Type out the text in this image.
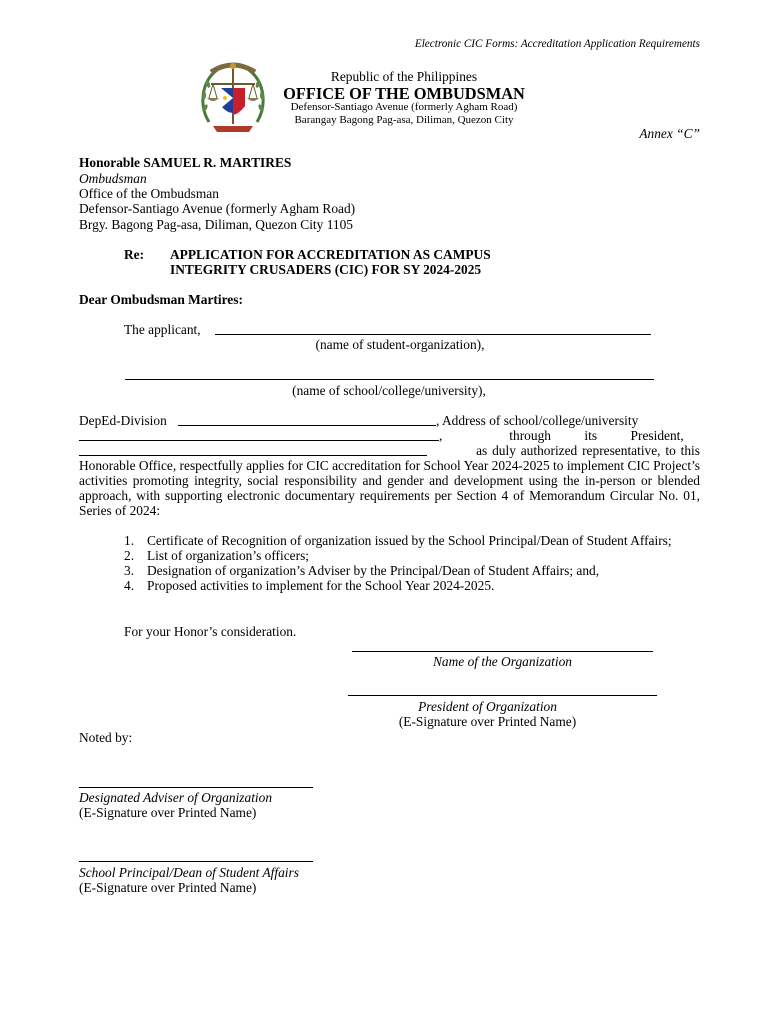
Electronic CIC Forms: Accreditation Application Requirements
Republic of the Philippines
OFFICE OF THE OMBUDSMAN
Defensor-Santiago Avenue (formerly Agham Road)
Barangay Bagong Pag-asa, Diliman, Quezon City
Annex “C”
Honorable SAMUEL R. MARTIRES
Ombudsman
Office of the Ombudsman
Defensor-Santiago Avenue (formerly Agham Road)
Brgy. Bagong Pag-asa, Diliman, Quezon City 1105
Re: APPLICATION FOR ACCREDITATION AS CAMPUS
INTEGRITY CRUSADERS (CIC) FOR SY 2024-2025
Dear Ombudsman Martires:
The applicant,
(name of student-organization),
(name of school/college/university),
DepEd-Division	, Address of school/college/university
,                    through          its          President,
as duly authorized representative, to this
Honorable Office, respectfully applies for CIC accreditation for School Year 2024-2025 to implement CIC Project’s activities promoting integrity, social responsibility and gender and development using the in-person or blended approach, with supporting electronic documentary requirements per Section 4 of Memorandum Circular No. 01, Series of 2024:
1. Certificate of Recognition of organization issued by the School Principal/Dean of Student Affairs;
2. List of organization’s officers;
3. Designation of organization’s Adviser by the Principal/Dean of Student Affairs; and,
4. Proposed activities to implement for the School Year 2024-2025.
For your Honor’s consideration.
Name of the Organization
President of Organization
(E-Signature over Printed Name)
Noted by:
Designated Adviser of Organization
(E-Signature over Printed Name)
School Principal/Dean of Student Affairs
(E-Signature over Printed Name)
